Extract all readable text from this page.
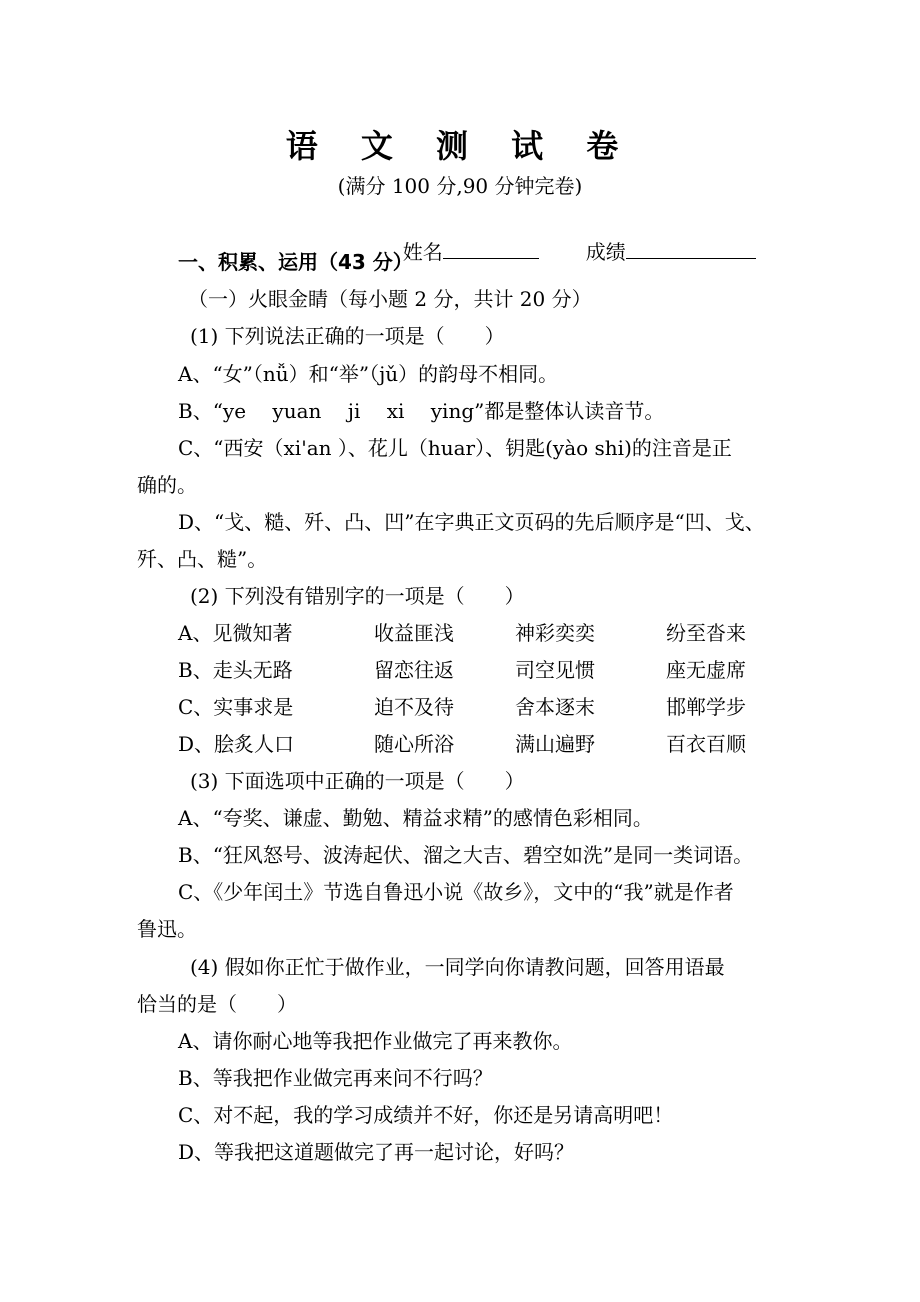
语 文 测 试 卷
(满分 100 分,90 分钟完卷)

姓名	成绩

一、积累、运用（43 分）
（一）火眼金睛（每小题 2 分，共计 20 分）
(1) 下列说法正确的一项是（　　）
A、“女”（nǚ）和“举”（jǔ）的韵母不相同。
B、“ye　 yuan　 ji　 xi　 ying”都是整体认读音节。
C、“西安（xi'an ）、花儿（huar）、钥匙(yào shi)的注音是正
确的。
D、“戈、糙、歼、凸、凹”在字典正文页码的先后顺序是“凹、戈、
歼、凸、糙”。
(2) 下列没有错别字的一项是（　　）
A、见微知著	收益匪浅	神彩奕奕	纷至沓来
B、走头无路	留恋往返	司空见惯	座无虚席
C、实事求是	迫不及待	舍本逐末	邯郸学步
D、脍炙人口	随心所浴	满山遍野	百衣百顺
(3) 下面选项中正确的一项是（　　）
A、“夸奖、谦虚、勤勉、精益求精”的感情色彩相同。
B、“狂风怒号、波涛起伏、溜之大吉、碧空如洗”是同一类词语。
C、《少年闰土》节选自鲁迅小说《故乡》，文中的“我”就是作者
鲁迅。
(4) 假如你正忙于做作业，一同学向你请教问题，回答用语最
恰当的是（　　）
A、请你耐心地等我把作业做完了再来教你。
B、等我把作业做完再来问不行吗？
C、对不起，我的学习成绩并不好，你还是另请高明吧！
D、等我把这道题做完了再一起讨论，好吗？
